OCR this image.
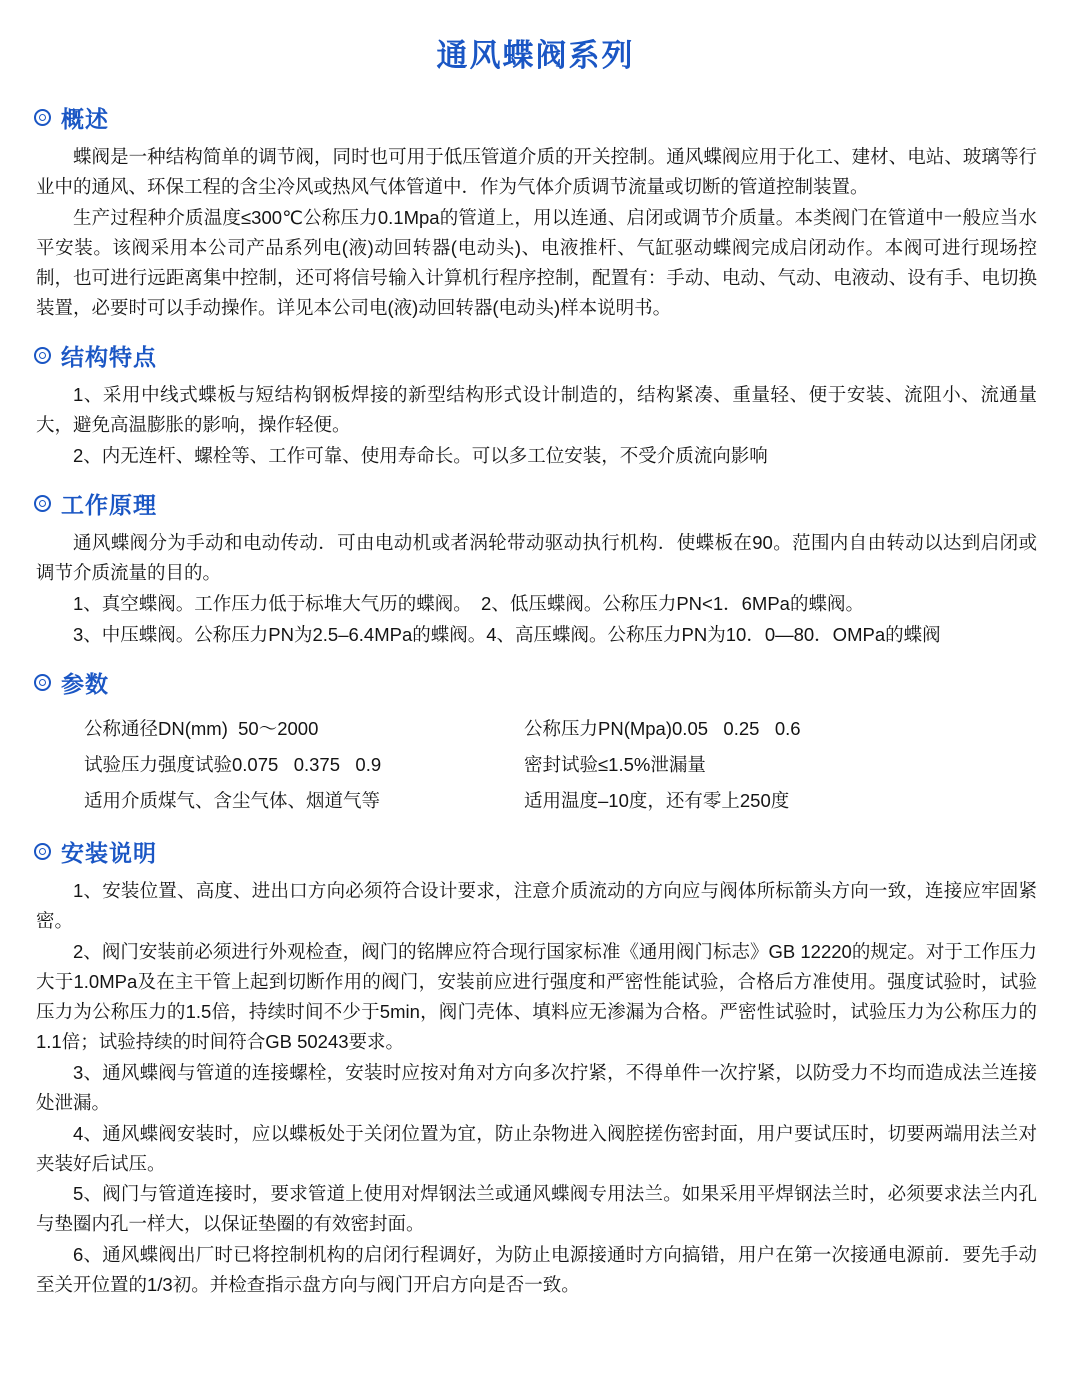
通风蝶阀系列
概述

蝶阀是一种结构简单的调节阀，同时也可用于低压管道介质的开关控制。通风蝶阀应用于化工、建材、电站、玻璃等行业中的通风、环保工程的含尘冷风或热风气体管道中．作为气体介质调节流量或切断的管道控制装置。

生产过程种介质温度≤300℃公称压力0.1Mpa的管道上，用以连通、启闭或调节介质量。本类阀门在管道中一般应当水平安装。该阀采用本公司产品系列电(液)动回转器(电动头)、电液推杆、气缸驱动蝶阀完成启闭动作。本阀可进行现场控制，也可进行远距离集中控制，还可将信号输入计算机行程序控制，配置有：手动、电动、气动、电液动、设有手、电切换装置，必要时可以手动操作。详见本公司电(液)动回转器(电动头)样本说明书。

结构特点

1、采用中线式蝶板与短结构钢板焊接的新型结构形式设计制造的，结构紧凑、重量轻、便于安装、流阻小、流通量大，避免高温膨胀的影响，操作轻便。

2、内无连杆、螺栓等、工作可靠、使用寿命长。可以多工位安装，不受介质流向影响

工作原理

通风蝶阀分为手动和电动传动．可由电动机或者涡轮带动驱动执行机构．使蝶板在90。范围内自由转动以达到启闭或调节介质流量的目的。

1、真空蝶阀。工作压力低于标堆大气历的蝶阀。　2、低压蝶阀。公称压力PN<1．6MPa的蝶阀。

3、中压蝶阀。公称压力PN为2.5–6.4MPa的蝶阀。4、高压蝶阀。公称压力PN为10．0—80．OMPa的蝶阀

参数
公称通径DN(mm)  50～2000
试验压力强度试验0.075   0.375   0.9
适用介质煤气、含尘气体、烟道气等
公称压力PN(Mpa)0.05   0.25   0.6
密封试验≤1.5%泄漏量
适用温度–10度，还有零上250度
安装说明

1、安装位置、高度、进出口方向必须符合设计要求，注意介质流动的方向应与阀体所标箭头方向一致，连接应牢固紧密。

2、阀门安装前必须进行外观检查，阀门的铭牌应符合现行国家标准《通用阀门标志》GB 12220的规定。对于工作压力大于1.0MPa及在主干管上起到切断作用的阀门，安装前应进行强度和严密性能试验，合格后方准使用。强度试验时，试验压力为公称压力的1.5倍，持续时间不少于5min，阀门壳体、填料应无渗漏为合格。严密性试验时，试验压力为公称压力的1.1倍；试验持续的时间符合GB 50243要求。

3、通风蝶阀与管道的连接螺栓，安装时应按对角对方向多次拧紧，不得单件一次拧紧，以防受力不均而造成法兰连接处泄漏。

4、通风蝶阀安装时，应以蝶板处于关闭位置为宜，防止杂物进入阀腔搓伤密封面，用户要试压时，切要两端用法兰对夹装好后试压。

5、阀门与管道连接时，要求管道上使用对焊钢法兰或通风蝶阀专用法兰。如果采用平焊钢法兰时，必须要求法兰内孔与垫圈内孔一样大，以保证垫圈的有效密封面。

6、通风蝶阀出厂时已将控制机构的启闭行程调好，为防止电源接通时方向搞错，用户在第一次接通电源前．要先手动至关开位置的1/3初。并检查指示盘方向与阀门开启方向是否一致。
